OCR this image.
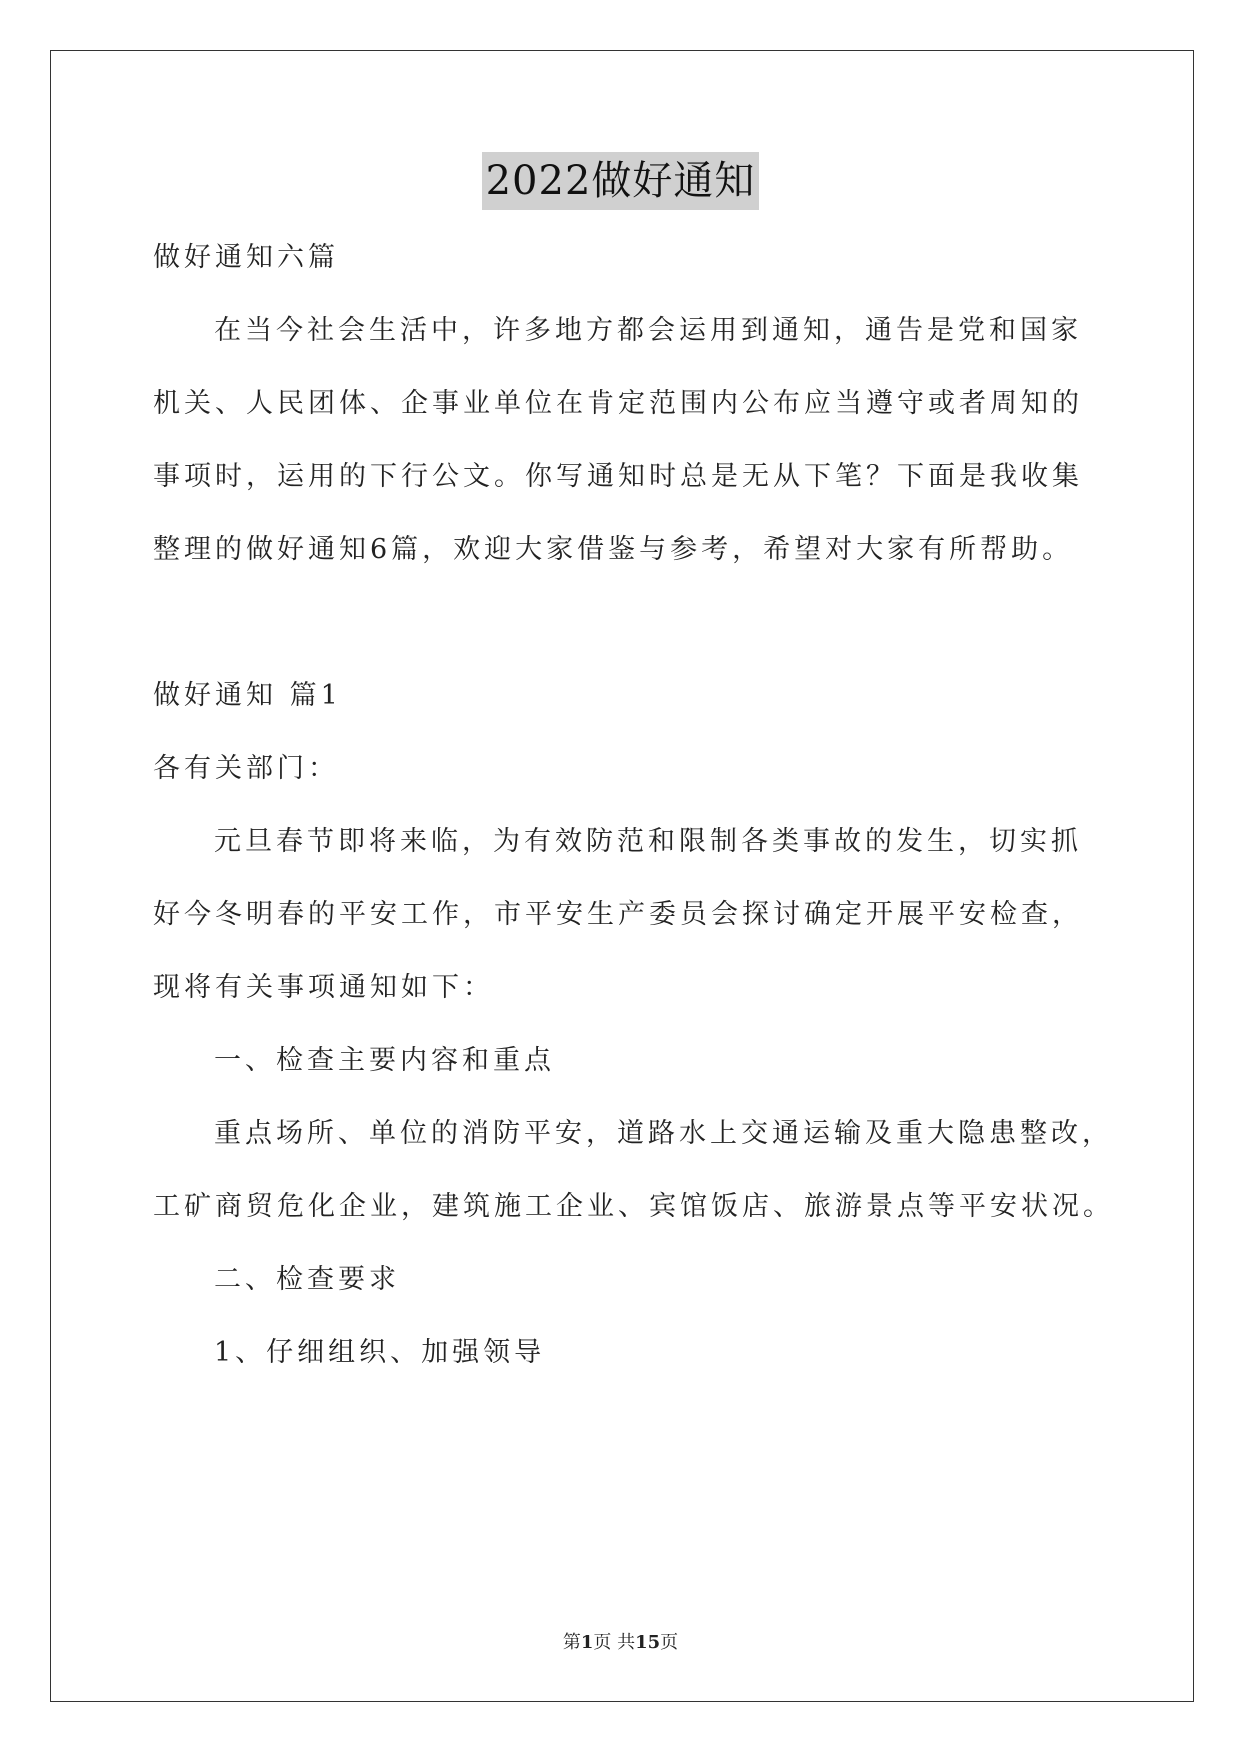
2022做好通知
做好通知六篇
在当今社会生活中，许多地方都会运用到通知，通告是党和国家
机关、人民团体、企事业单位在肯定范围内公布应当遵守或者周知的
事项时，运用的下行公文。你写通知时总是无从下笔？下面是我收集
整理的做好通知6篇，欢迎大家借鉴与参考，希望对大家有所帮助。
做好通知 篇1
各有关部门：
元旦春节即将来临，为有效防范和限制各类事故的发生，切实抓
好今冬明春的平安工作，市平安生产委员会探讨确定开展平安检查，
现将有关事项通知如下：
一、检查主要内容和重点
重点场所、单位的消防平安，道路水上交通运输及重大隐患整改，
工矿商贸危化企业，建筑施工企业、宾馆饭店、旅游景点等平安状况。
二、检查要求
1、仔细组织、加强领导
第1页 共15页
